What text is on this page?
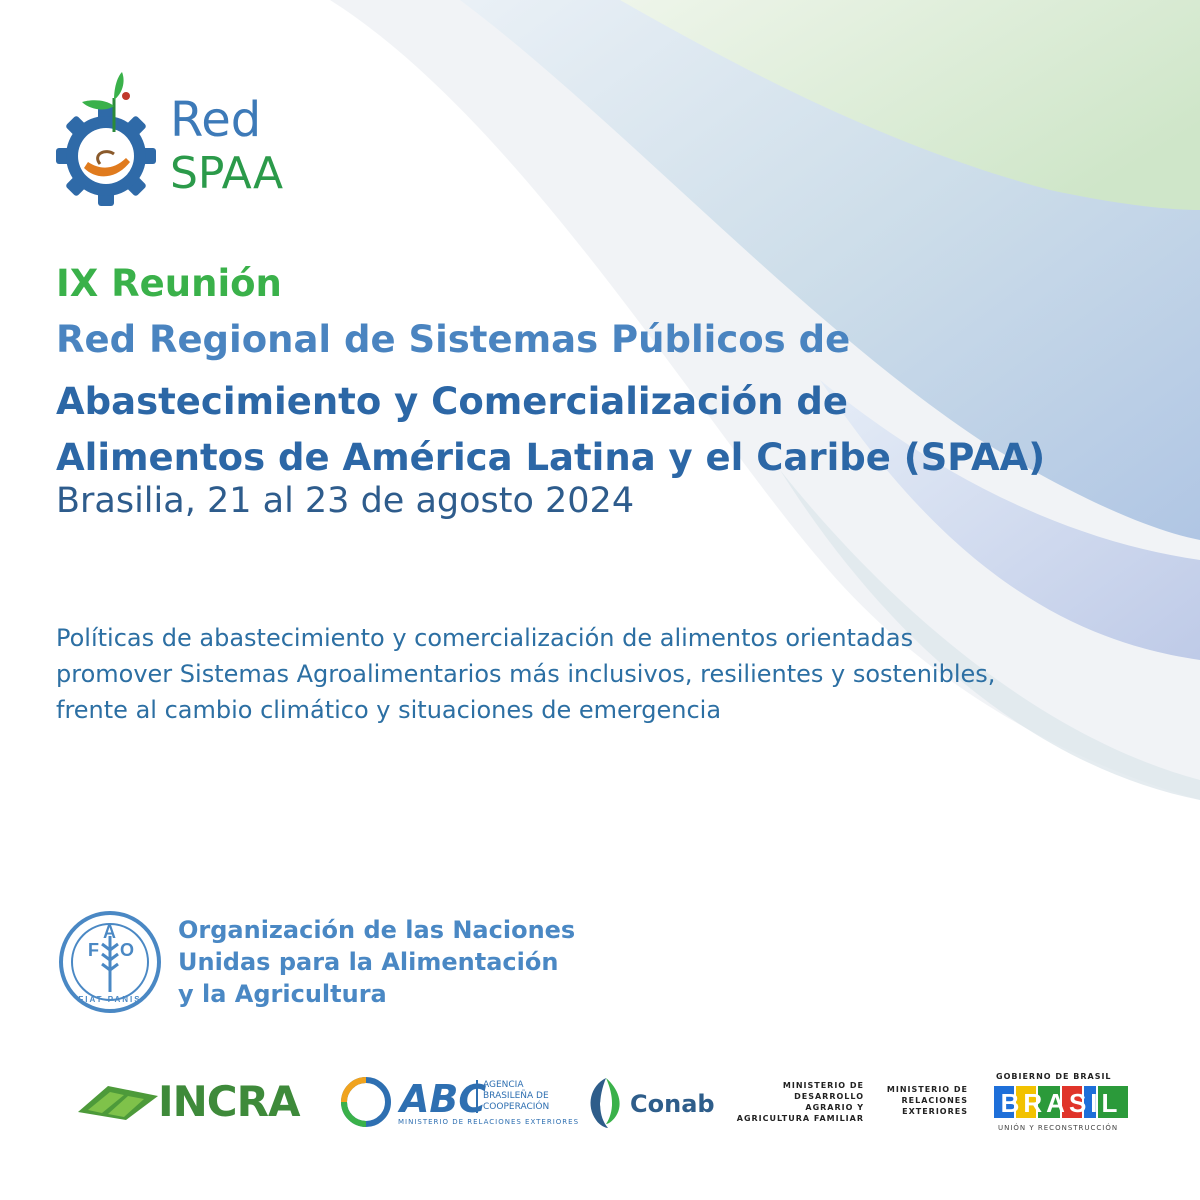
Red
SPAA
IX Reunión
Red Regional de Sistemas Públicos de
Abastecimiento y Comercialización de
Alimentos de América Latina y el Caribe (SPAA)
Brasilia, 21 al 23 de agosto 2024
Políticas de abastecimiento y comercialización de alimentos orientadas
promover Sistemas Agroalimentarios más inclusivos, resilientes y sostenibles,
frente al cambio climático y situaciones de emergencia
F
A
O
FIAT PANIS
Organización de las Naciones
Unidas para la Alimentación
y la Agricultura
INCRA	ABC
AGENCIA
BRASILEÑA DE
COOPERACIÓN
MINISTERIO DE RELACIONES EXTERIORES
Conab
MINISTERIO DE
DESARROLLO
AGRARIO Y
AGRICULTURA FAMILIAR
MINISTERIO DE
RELACIONES
EXTERIORES
GOBIERNO DE BRASIL
BRASIL
UNIÓN Y RECONSTRUCCIÓN
